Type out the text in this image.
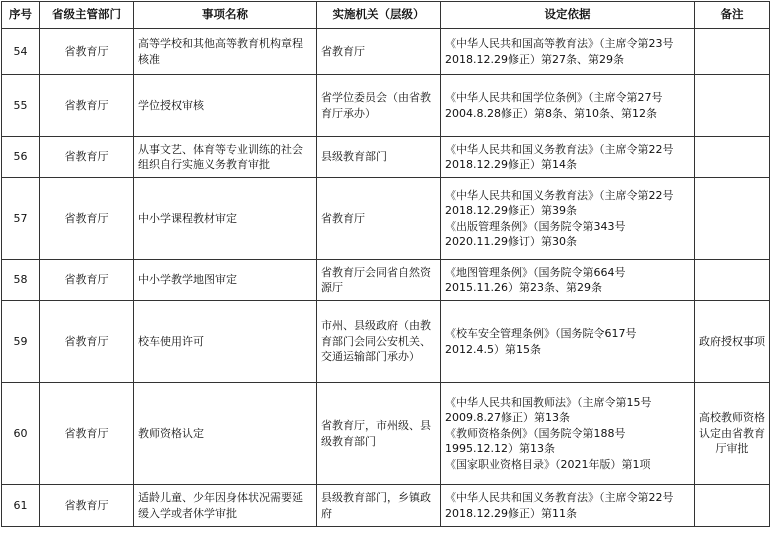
序号	省级主管部门	事项名称	实施机关（层级）	设定依据	备注
54	省教育厅	高等学校和其他高等教育机构章程核准	省教育厅	《中华人民共和国高等教育法》（主席令第23号　2018.12.29修正）第27条、第29条	

55	省教育厅	学位授权审核	省学位委员会（由省教育厅承办）	《中华人民共和国学位条例》（主席令第27号　2004.8.28修正）第8条、第10条、第12条	

56	省教育厅	从事文艺、体育等专业训练的社会组织自行实施义务教育审批	县级教育部门	《中华人民共和国义务教育法》（主席令第22号　2018.12.29修正）第14条	

57	省教育厅	中小学课程教材审定	省教育厅	《中华人民共和国义务教育法》（主席令第22号　2018.12.29修正）第39条
《出版管理条例》（国务院令第343号　2020.11.29修订）第30条	

58	省教育厅	中小学教学地图审定	省教育厅会同省自然资源厅	《地图管理条例》（国务院令第664号　2015.11.26）第23条、第29条	

59	省教育厅	校车使用许可	市州、县级政府（由教育部门会同公安机关、交通运输部门承办）	《校车安全管理条例》（国务院令617号　2012.4.5）第15条	政府授权事项
60	省教育厅	教师资格认定	省教育厅，市州级、县级教育部门	《中华人民共和国教师法》（主席令第15号　2009.8.27修正）第13条
《教师资格条例》（国务院令第188号　1995.12.12）第13条
《国家职业资格目录》（2021年版）第1项	高校教师资格认定由省教育厅审批
61	省教育厅	适龄儿童、少年因身体状况需要延缓入学或者休学审批	县级教育部门，乡镇政府	《中华人民共和国义务教育法》（主席令第22号　2018.12.29修正）第11条	
